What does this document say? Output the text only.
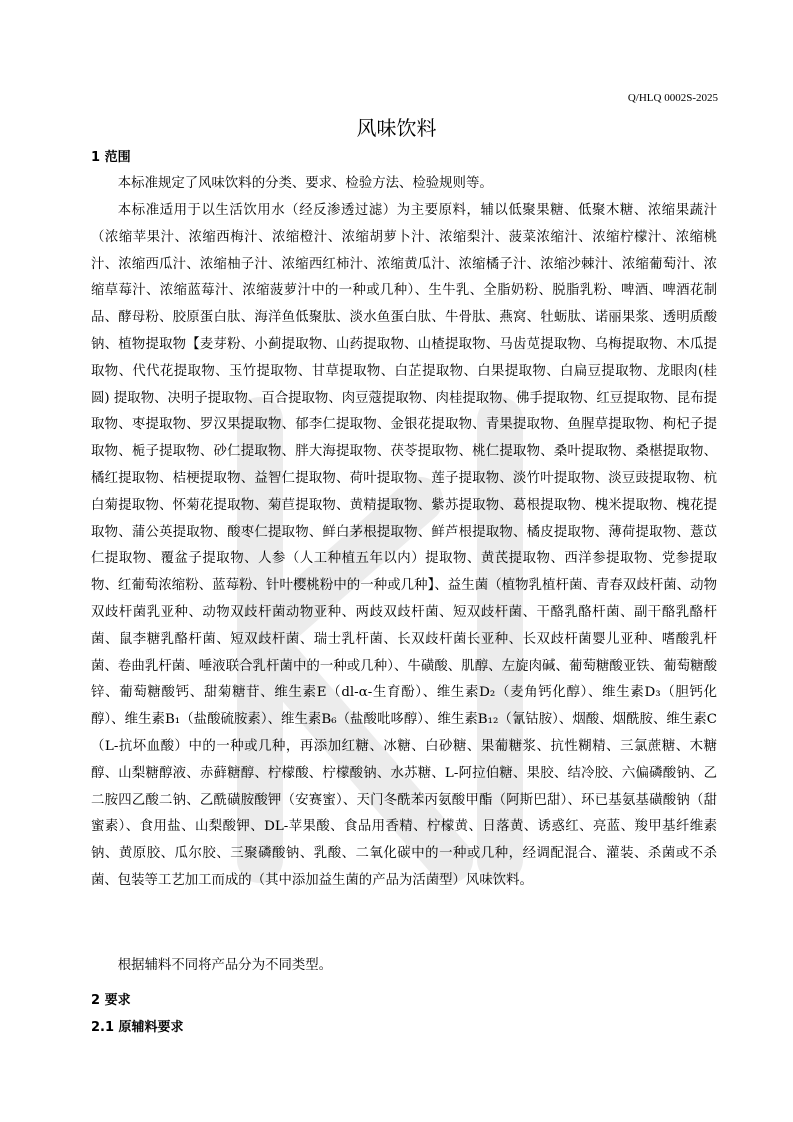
Q/HLQ 0002S-2025
风味饮料
1 范围

本标准规定了风味饮料的分类、要求、检验方法、检验规则等。

本标准适用于以生活饮用水（经反渗透过滤）为主要原料，辅以低聚果糖、低聚木糖、浓缩果蔬汁（浓缩苹果汁、浓缩西梅汁、浓缩橙汁、浓缩胡萝卜汁、浓缩梨汁、菠菜浓缩汁、浓缩柠檬汁、浓缩桃汁、浓缩西瓜汁、浓缩柚子汁、浓缩西红柿汁、浓缩黄瓜汁、浓缩橘子汁、浓缩沙棘汁、浓缩葡萄汁、浓缩草莓汁、浓缩蓝莓汁、浓缩菠萝汁中的一种或几种）、生牛乳、全脂奶粉、脱脂乳粉、啤酒、啤酒花制品、酵母粉、胶原蛋白肽、海洋鱼低聚肽、淡水鱼蛋白肽、牛骨肽、燕窝、牡蛎肽、诺丽果浆、透明质酸钠、植物提取物【麦芽粉、小蓟提取物、山药提取物、山楂提取物、马齿苋提取物、乌梅提取物、木瓜提取物、代代花提取物、玉竹提取物、甘草提取物、白芷提取物、白果提取物、白扁豆提取物、龙眼肉(桂圆) 提取物、决明子提取物、百合提取物、肉豆蔻提取物、肉桂提取物、佛手提取物、红豆提取物、昆布提取物、枣提取物、罗汉果提取物、郁李仁提取物、金银花提取物、青果提取物、鱼腥草提取物、枸杞子提取物、栀子提取物、砂仁提取物、胖大海提取物、茯苓提取物、桃仁提取物、桑叶提取物、桑椹提取物、橘红提取物、桔梗提取物、益智仁提取物、荷叶提取物、莲子提取物、淡竹叶提取物、淡豆豉提取物、杭白菊提取物、怀菊花提取物、菊苣提取物、黄精提取物、紫苏提取物、葛根提取物、槐米提取物、槐花提取物、蒲公英提取物、酸枣仁提取物、鲜白茅根提取物、鲜芦根提取物、橘皮提取物、薄荷提取物、薏苡仁提取物、覆盆子提取物、人参（人工种植五年以内）提取物、黄芪提取物、西洋参提取物、党参提取物、红葡萄浓缩粉、蓝莓粉、针叶樱桃粉中的一种或几种】、益生菌（植物乳植杆菌、青春双歧杆菌、动物双歧杆菌乳亚种、动物双歧杆菌动物亚种、两歧双歧杆菌、短双歧杆菌、干酪乳酪杆菌、副干酪乳酪杆菌、鼠李糖乳酪杆菌、短双歧杆菌、瑞士乳杆菌、长双歧杆菌长亚种、长双歧杆菌婴儿亚种、嗜酸乳杆菌、卷曲乳杆菌、唾液联合乳杆菌中的一种或几种）、牛磺酸、肌醇、左旋肉碱、葡萄糖酸亚铁、葡萄糖酸锌、葡萄糖酸钙、甜菊糖苷、维生素E（dl-α-生育酚）、维生素D₂（麦角钙化醇）、维生素D₃（胆钙化醇）、维生素B₁（盐酸硫胺素）、维生素B₆（盐酸吡哆醇）、维生素B₁₂（氰钴胺）、烟酸、烟酰胺、维生素C（L-抗坏血酸）中的一种或几种，再添加红糖、冰糖、白砂糖、果葡糖浆、抗性糊精、三氯蔗糖、木糖醇、山梨糖醇液、赤藓糖醇、柠檬酸、柠檬酸钠、水苏糖、L-阿拉伯糖、果胶、结冷胶、六偏磷酸钠、乙二胺四乙酸二钠、乙酰磺胺酸钾（安赛蜜）、天门冬酰苯丙氨酸甲酯（阿斯巴甜）、环已基氨基磺酸钠（甜蜜素）、食用盐、山梨酸钾、DL-苹果酸、食品用香精、柠檬黄、日落黄、诱惑红、亮蓝、羧甲基纤维素钠、黄原胶、瓜尔胶、三聚磷酸钠、乳酸、二氧化碳中的一种或几种，经调配混合、灌装、杀菌或不杀菌、包装等工艺加工而成的（其中添加益生菌的产品为活菌型）风味饮料。

根据辅料不同将产品分为不同类型。

2 要求
2.1 原辅料要求
